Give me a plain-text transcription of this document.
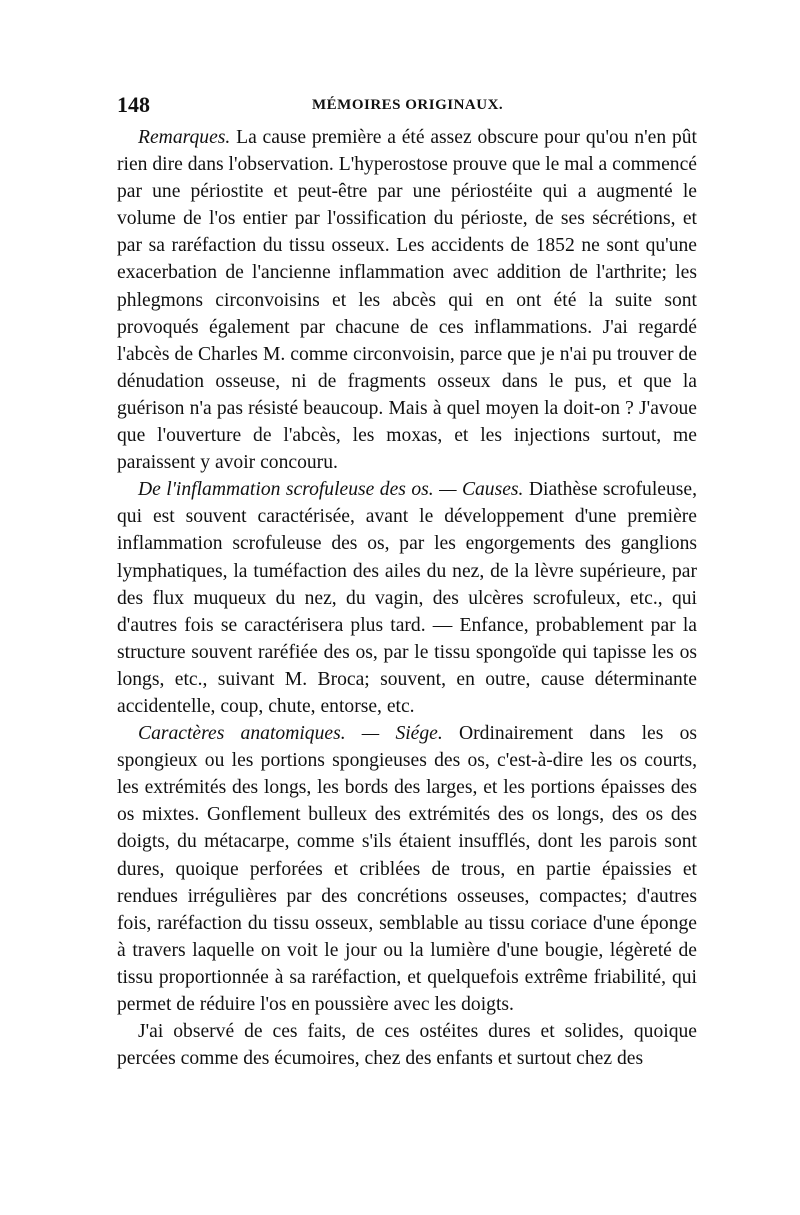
148	MÉMOIRES ORIGINAUX.

Remarques. La cause première a été assez obscure pour qu'ou n'en pût rien dire dans l'observation. L'hyperostose prouve que le mal a commencé par une périostite et peut-être par une périostéite qui a augmenté le volume de l'os entier par l'ossification du périoste, de ses sécrétions, et par sa raréfaction du tissu osseux. Les accidents de 1852 ne sont qu'une exacerbation de l'ancienne inflammation avec addition de l'arthrite; les phlegmons circonvoisins et les abcès qui en ont été la suite sont provoqués également par chacune de ces inflammations. J'ai regardé l'abcès de Charles M. comme circonvoisin, parce que je n'ai pu trouver de dénudation osseuse, ni de fragments osseux dans le pus, et que la guérison n'a pas résisté beaucoup. Mais à quel moyen la doit-on ? J'avoue que l'ouverture de l'abcès, les moxas, et les injections surtout, me paraissent y avoir concouru.

De l'inflammation scrofuleuse des os. — Causes. Diathèse scrofuleuse, qui est souvent caractérisée, avant le développement d'une première inflammation scrofuleuse des os, par les engorgements des ganglions lymphatiques, la tuméfaction des ailes du nez, de la lèvre supérieure, par des flux muqueux du nez, du vagin, des ulcères scrofuleux, etc., qui d'autres fois se caractérisera plus tard. — Enfance, probablement par la structure souvent raréfiée des os, par le tissu spongoïde qui tapisse les os longs, etc., suivant M. Broca; souvent, en outre, cause déterminante accidentelle, coup, chute, entorse, etc.

Caractères anatomiques. — Siége. Ordinairement dans les os spongieux ou les portions spongieuses des os, c'est-à-dire les os courts, les extrémités des longs, les bords des larges, et les portions épaisses des os mixtes. Gonflement bulleux des extrémités des os longs, des os des doigts, du métacarpe, comme s'ils étaient insufflés, dont les parois sont dures, quoique perforées et criblées de trous, en partie épaissies et rendues irrégulières par des concrétions osseuses, compactes; d'autres fois, raréfaction du tissu osseux, semblable au tissu coriace d'une éponge à travers laquelle on voit le jour ou la lumière d'une bougie, légèreté de tissu proportionnée à sa raréfaction, et quelquefois extrême friabilité, qui permet de réduire l'os en poussière avec les doigts.

J'ai observé de ces faits, de ces ostéites dures et solides, quoique percées comme des écumoires, chez des enfants et surtout chez des
